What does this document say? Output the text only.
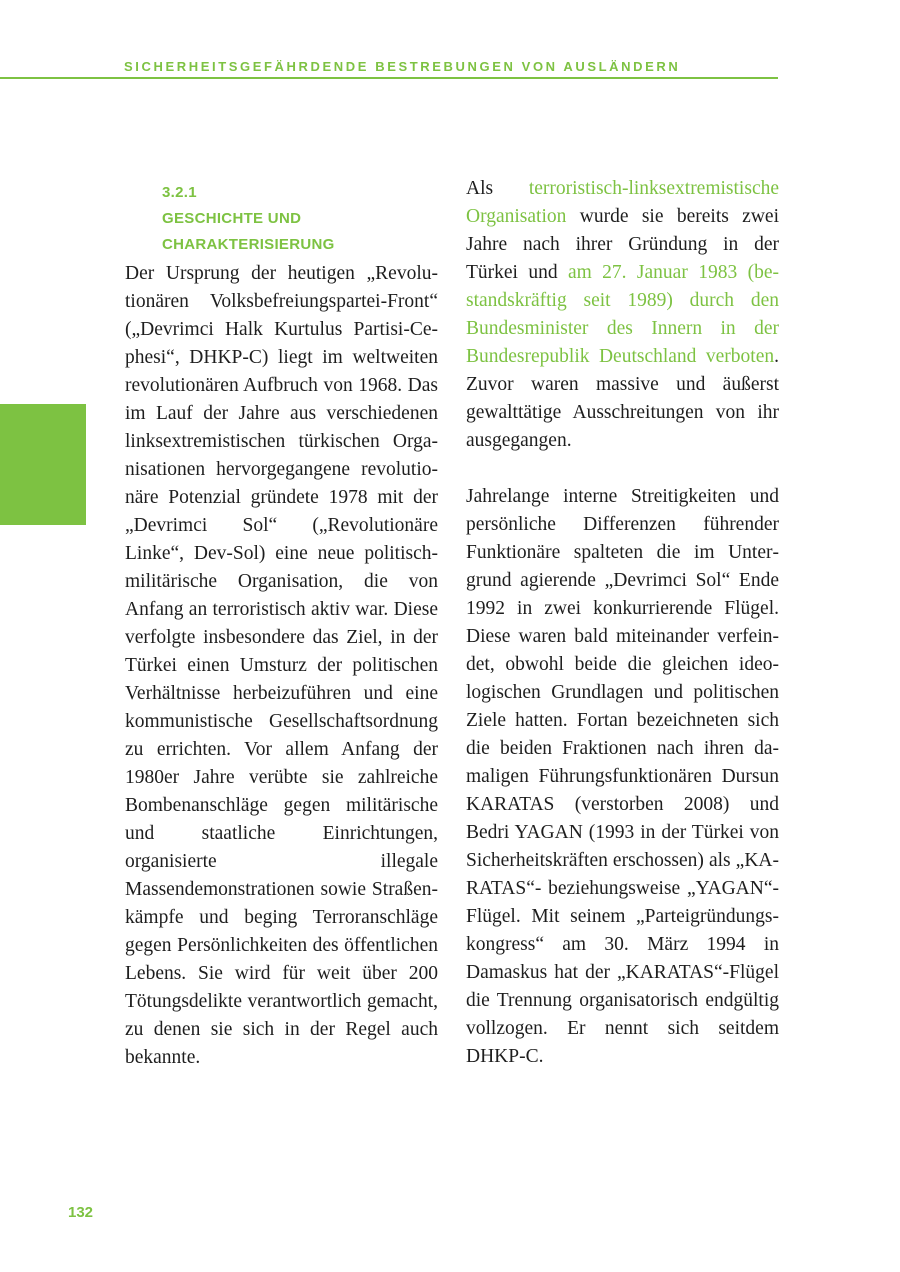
SICHERHEITSGEFÄHRDENDE BESTREBUNGEN VON AUSLÄNDERN
3.2.1
GESCHICHTE UND
CHARAKTERISIERUNG

Der Ursprung der heutigen „Revolutionären Volksbefreiungspartei-Front“ („Devrimci Halk Kurtulus Partisi-Cephesi“, DHKP-C) liegt im weltweiten revolutionären Aufbruch von 1968. Das im Lauf der Jahre aus verschiedenen linksextremistischen türkischen Organisationen hervorgegangene revolutionäre Potenzial gründete 1978 mit der „Devrimci Sol“ („Revolutionäre Linke“, Dev-Sol) eine neue politisch-militärische Organisation, die von Anfang an terroristisch aktiv war. Diese verfolgte insbesondere das Ziel, in der Türkei einen Umsturz der politischen Verhältnisse herbeizuführen und eine kommunistische Gesellschaftsordnung zu errichten. Vor allem Anfang der 1980er Jahre verübte sie zahlreiche Bombenanschläge gegen militärische und staatliche Einrichtungen, organisierte illegale Massendemonstrationen sowie Straßenkämpfe und beging Terroranschläge gegen Persönlichkeiten des öffentlichen Lebens. Sie wird für weit über 200 Tötungsdelikte verantwortlich gemacht, zu denen sie sich in der Regel auch bekannte.

Als terroristisch-linksextremistische Organisation wurde sie bereits zwei Jahre nach ihrer Gründung in der Türkei und am 27. Januar 1983 (bestandskräftig seit 1989) durch den Bundesminister des Innern in der Bundesrepublik Deutschland verboten. Zuvor waren massive und äußerst gewalttätige Ausschreitungen von ihr ausgegangen.

Jahrelange interne Streitigkeiten und persönliche Differenzen führender Funktionäre spalteten die im Untergrund agierende „Devrimci Sol“ Ende 1992 in zwei konkurrierende Flügel. Diese waren bald miteinander verfeindet, obwohl beide die gleichen ideologischen Grundlagen und politischen Ziele hatten. Fortan bezeichneten sich die beiden Fraktionen nach ihren damaligen Führungsfunktionären Dursun KARATAS (verstorben 2008) und Bedri YAGAN (1993 in der Türkei von Sicherheitskräften erschossen) als „KARATAS“- beziehungsweise „YAGAN“-Flügel. Mit seinem „Parteigründungskongress“ am 30. März 1994 in Damaskus hat der „KARATAS“-Flügel die Trennung organisatorisch endgültig vollzogen. Er nennt sich seitdem DHKP-C.

132
